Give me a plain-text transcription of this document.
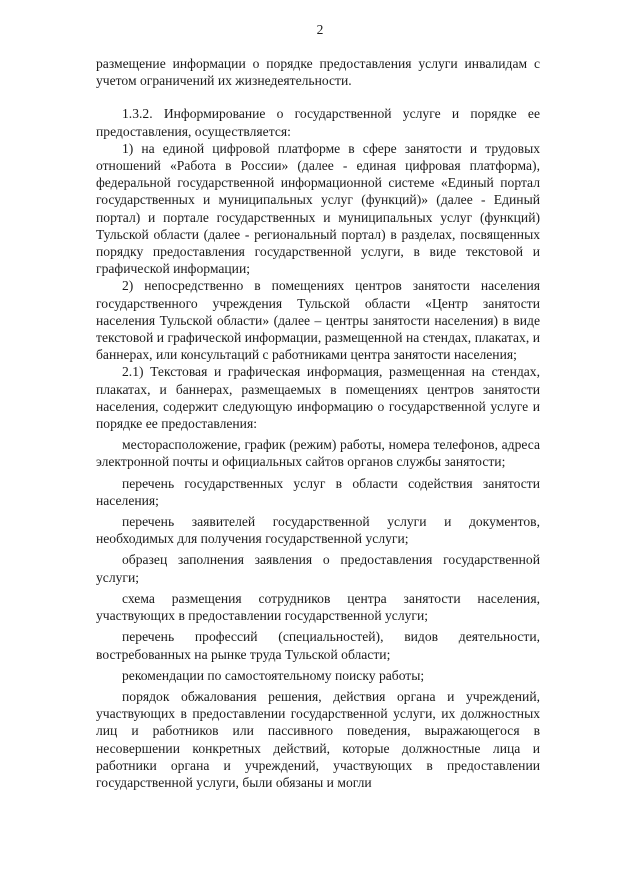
2

размещение информации о порядке предоставления услуги инвалидам с учетом ограничений их жизнедеятельности.

1.3.2. Информирование о государственной услуге и порядке ее предоставления, осуществляется:

1) на единой цифровой платформе в сфере занятости и трудовых отношений «Работа в России» (далее - единая цифровая платформа), федеральной государственной информационной системе «Единый портал государственных и муниципальных услуг (функций)» (далее - Единый портал) и портале государственных и муниципальных услуг (функций) Тульской области (далее - региональный портал) в разделах, посвященных порядку предоставления государственной услуги, в виде текстовой и графической информации;

2) непосредственно в помещениях центров занятости населения государственного учреждения Тульской области «Центр занятости населения Тульской области» (далее – центры занятости населения) в виде текстовой и графической информации, размещенной на стендах, плакатах, и баннерах, или консультаций с работниками центра занятости населения;

2.1) Текстовая и графическая информация, размещенная на стендах, плакатах, и баннерах, размещаемых в помещениях центров занятости населения, содержит следующую информацию о государственной услуге и порядке ее предоставления:

месторасположение, график (режим) работы, номера телефонов, адреса электронной почты и официальных сайтов органов службы занятости;

перечень государственных услуг в области содействия занятости населения;

перечень заявителей государственной услуги и документов, необходимых для получения государственной услуги;

образец заполнения заявления о предоставления государственной услуги;

схема размещения сотрудников центра занятости населения, участвующих в предоставлении государственной услуги;

перечень профессий (специальностей), видов деятельности, востребованных на рынке труда Тульской области;

рекомендации по самостоятельному поиску работы;

порядок обжалования решения, действия органа и учреждений, участвующих в предоставлении государственной услуги, их должностных лиц и работников или пассивного поведения, выражающегося в несовершении конкретных действий, которые должностные лица и работники органа и учреждений, участвующих в предоставлении государственной услуги, были обязаны и могли
